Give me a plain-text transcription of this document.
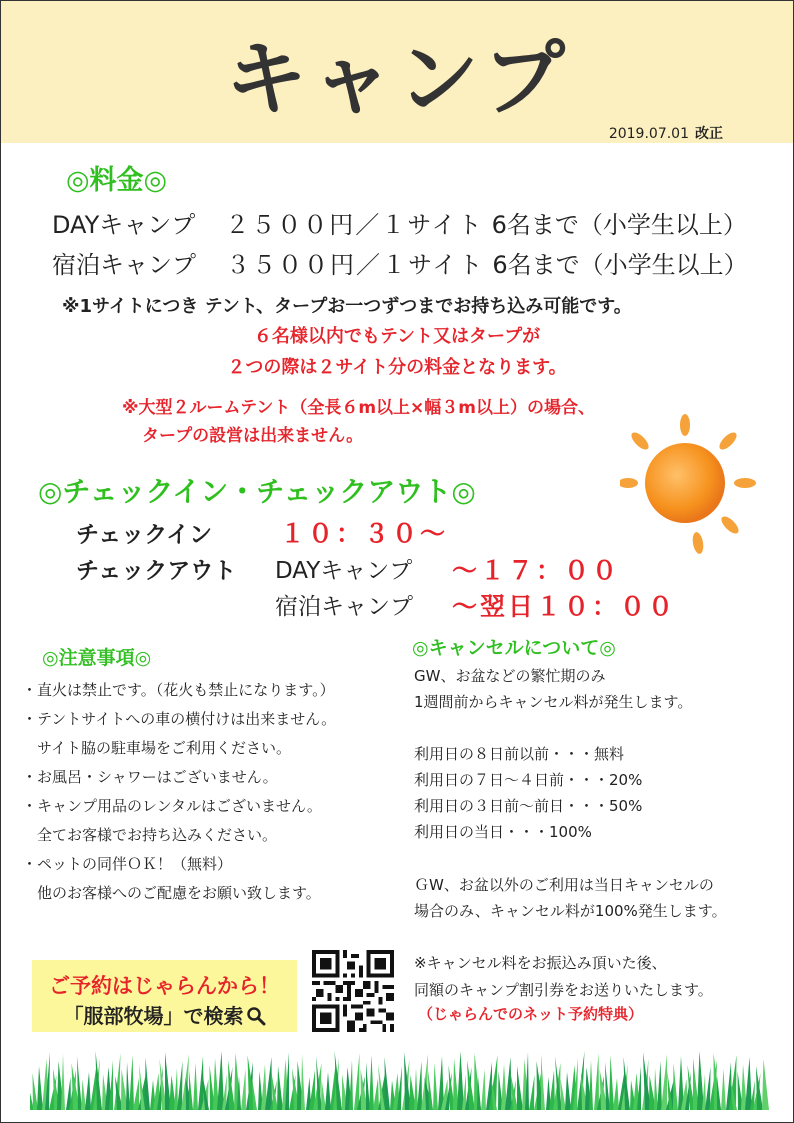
キャンプ
2019.07.01 改正
◎料金◎
DAYキャンプ ２５００円／１サイト 6名まで（小学生以上）
宿泊キャンプ ３５００円／１サイト 6名まで（小学生以上）
※1サイトにつき テント、タープお一つずつまでお持ち込み可能です。
６名様以内でもテント又はタープが
２つの際は２サイト分の料金となります。
※大型２ルームテント（全長６m以上×幅３m以上）の場合、
タープの設営は出来ません。
◎チェックイン・チェックアウト◎
チェックイン	１０：３０～
チェックアウト DAYキャンプ ～１７：００
宿泊キャンプ ～翌日１０：００
◎注意事項◎
・直火は禁止です。（花火も禁止になります。）
・テントサイトへの車の横付けは出来ません。
　サイト脇の駐車場をご利用ください。
・お風呂・シャワーはございません。
・キャンプ用品のレンタルはございません。
　全てお客様でお持ち込みください。
・ペットの同伴ＯＫ！（無料）
　他のお客様へのご配慮をお願い致します。
◎キャンセルについて◎
GW、お盆などの繁忙期のみ
1週間前からキャンセル料が発生します。
利用日の８日前以前・・・無料
利用日の７日～４日前・・・20%
利用日の３日前～前日・・・50%
利用日の当日・・・100%
ＧW、お盆以外のご利用は当日キャンセルの
場合のみ、キャンセル料が100%発生します。
※キャンセル料をお振込み頂いた後、
同額のキャンプ割引券をお送りいたします。
（じゃらんでのネット予約特典）
ご予約はじゃらんから！
「服部牧場」で検索
